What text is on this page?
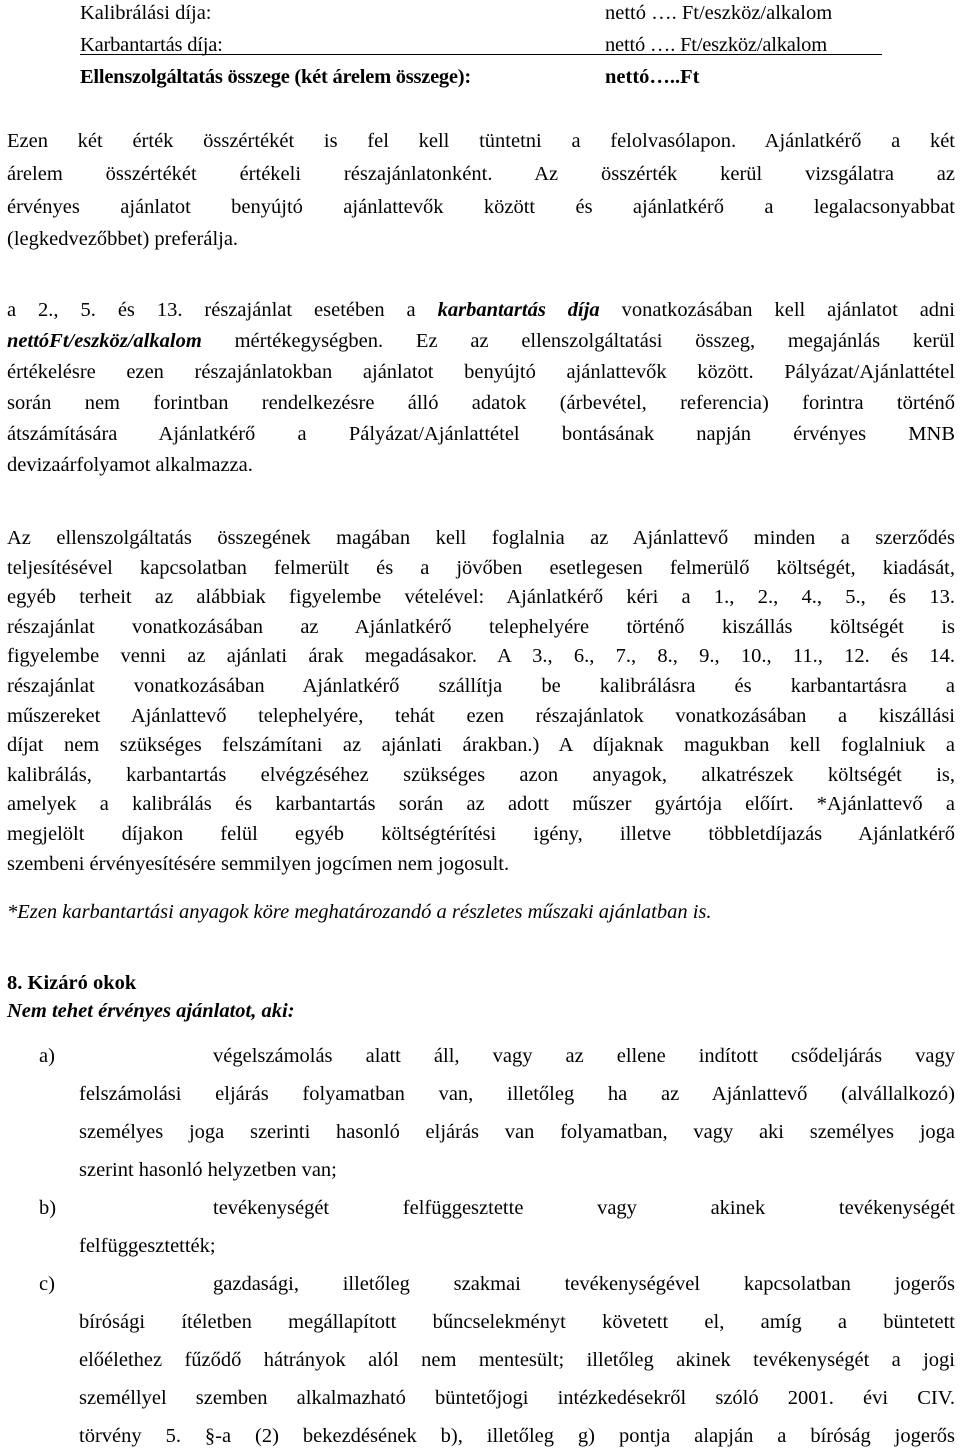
Kalibrálási díja:	nettó …. Ft/eszköz/alkalom
Karbantartás díja:	nettó …. Ft/eszköz/alkalom
Ellenszolgáltatás összege (két árelem összege):	nettó…..Ft

Ezen két érték összértékét is fel kell tüntetni a felolvasólapon. Ajánlatkérő a két
árelem összértékét értékeli részajánlatonként. Az összérték kerül vizsgálatra az
érvényes ajánlatot benyújtó ajánlattevők között és ajánlatkérő a legalacsonyabbat
(legkedvezőbbet) preferálja.

a 2., 5. és 13. részajánlat esetében a karbantartás díja vonatkozásában kell ajánlatot adni
nettóFt/eszköz/alkalom mértékegységben. Ez az ellenszolgáltatási összeg, megajánlás kerül
értékelésre ezen részajánlatokban ajánlatot benyújtó ajánlattevők között. Pályázat/Ajánlattétel
során nem forintban rendelkezésre álló adatok (árbevétel, referencia) forintra történő
átszámítására Ajánlatkérő a Pályázat/Ajánlattétel bontásának napján érvényes MNB
devizaárfolyamot alkalmazza.

Az ellenszolgáltatás összegének magában kell foglalnia az Ajánlattevő minden a szerződés
teljesítésével kapcsolatban felmerült és a jövőben esetlegesen felmerülő költségét, kiadását,
egyéb terheit az alábbiak figyelembe vételével: Ajánlatkérő kéri a 1., 2., 4., 5., és 13.
részajánlat vonatkozásában az Ajánlatkérő telephelyére történő kiszállás költségét is
figyelembe venni az ajánlati árak megadásakor. A 3., 6., 7., 8., 9., 10., 11., 12. és 14.
részajánlat vonatkozásában Ajánlatkérő szállítja be kalibrálásra és karbantartásra a
műszereket Ajánlattevő telephelyére, tehát ezen részajánlatok vonatkozásában a kiszállási
díjat nem szükséges felszámítani az ajánlati árakban.) A díjaknak magukban kell foglalniuk a
kalibrálás, karbantartás elvégzéséhez szükséges azon anyagok, alkatrészek költségét is,
amelyek a kalibrálás és karbantartás során az adott műszer gyártója előírt. *Ajánlattevő a
megjelölt díjakon felül egyéb költségtérítési igény, illetve többletdíjazás Ajánlatkérő
szembeni érvényesítésére semmilyen jogcímen nem jogosult.

*Ezen karbantartási anyagok köre meghatározandó a részletes műszaki ajánlatban is.
8. Kizáró okok
Nem tehet érvényes ajánlatot, aki:
a)	végelszámolás alatt áll, vagy az ellene indított csődeljárás vagy
felszámolási eljárás folyamatban van, illetőleg ha az Ajánlattevő (alvállalkozó)
személyes joga szerinti hasonló eljárás van folyamatban, vagy aki személyes joga
szerint hasonló helyzetben van;
b)	tevékenységét felfüggesztette vagy akinek tevékenységét
felfüggesztették;
c)	gazdasági, illetőleg szakmai tevékenységével kapcsolatban jogerős
bírósági ítéletben megállapított bűncselekményt követett el, amíg a büntetett
előélethez fűződő hátrányok alól nem mentesült; illetőleg akinek tevékenységét a jogi
személlyel szemben alkalmazható büntetőjogi intézkedésekről szóló 2001. évi CIV.
törvény 5. §-a (2) bekezdésének b), illetőleg g) pontja alapján a bíróság jogerős
